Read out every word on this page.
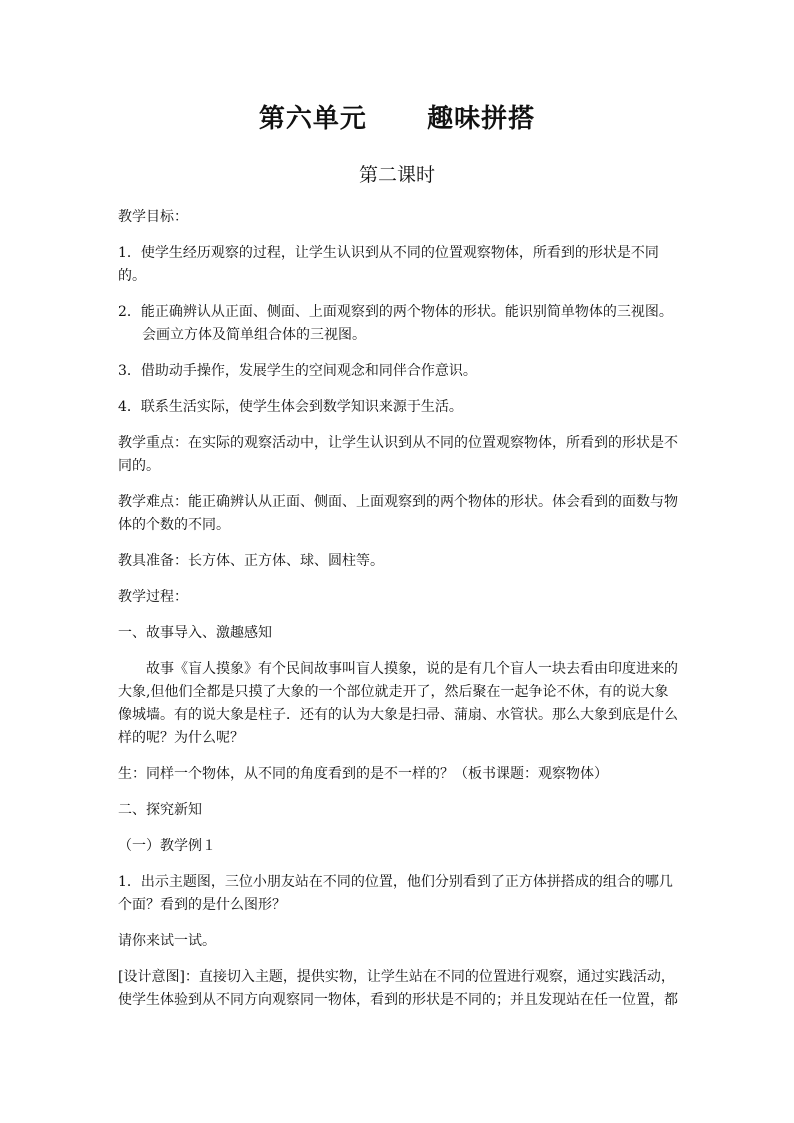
第六单元      趣味拼搭
第二课时

教学目标：

1．使学生经历观察的过程，让学生认识到从不同的位置观察物体，所看到的形状是不同的。

2．能正确辨认从正面、侧面、上面观察到的两个物体的形状。能识别简单物体的三视图。会画立方体及简单组合体的三视图。

3．借助动手操作，发展学生的空间观念和同伴合作意识。

4．联系生活实际，使学生体会到数学知识来源于生活。

教学重点：在实际的观察活动中，让学生认识到从不同的位置观察物体，所看到的形状是不同的。

教学难点：能正确辨认从正面、侧面、上面观察到的两个物体的形状。体会看到的面数与物体的个数的不同。

教具准备：长方体、正方体、球、圆柱等。

教学过程：

一、故事导入、激趣感知

故事《盲人摸象》有个民间故事叫盲人摸象，说的是有几个盲人一块去看由印度进来的大象,但他们全都是只摸了大象的一个部位就走开了，然后聚在一起争论不休，有的说大象像城墙。有的说大象是柱子．还有的认为大象是扫帚、蒲扇、水管状。那么大象到底是什么样的呢？为什么呢？

生：同样一个物体，从不同的角度看到的是不一样的？（板书课题：观察物体）

二、探究新知

（一）教学例１

1．出示主题图，三位小朋友站在不同的位置，他们分别看到了正方体拼搭成的组合的哪几个面？看到的是什么图形？

请你来试一试。

[设计意图]：直接切入主题，提供实物，让学生站在不同的位置进行观察，通过实践活动，使学生体验到从不同方向观察同一物体，看到的形状是不同的；并且发现站在任一位置，都
